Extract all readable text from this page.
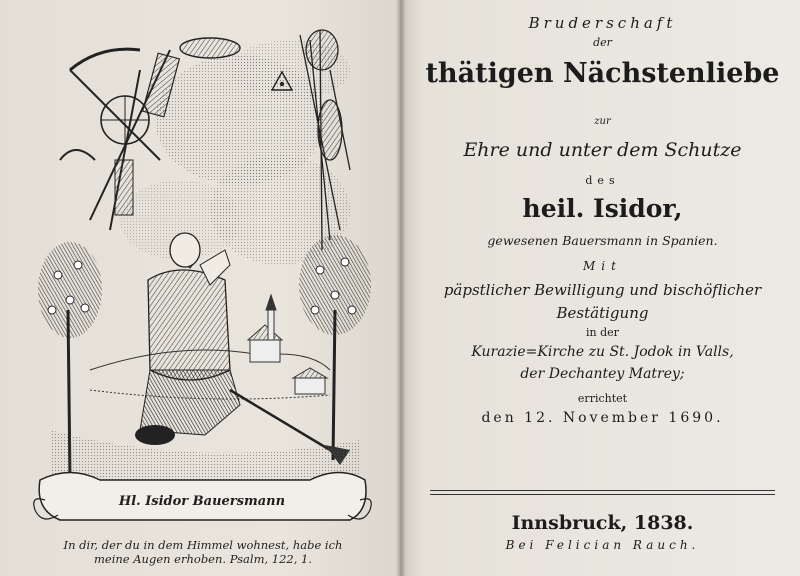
Hl. Isidor Bauersmann
In dir, der du in dem Himmel wohnest, habe ich
meine Augen erhoben. Psalm, 122, 1.
Bruderschaft
der
thätigen Nächstenliebe
zur
Ehre und unter dem Schutze
des
heil. Isidor,
gewesenen Bauersmann in Spanien.
Mit
päpstlicher Bewilligung und bischöflicher
Bestätigung
in der
Kurazie=Kirche zu St. Jodok in Valls,
der Dechantey Matrey;
errichtet
den 12. November 1690.
Innsbruck, 1838.
Bei Felician Rauch.
